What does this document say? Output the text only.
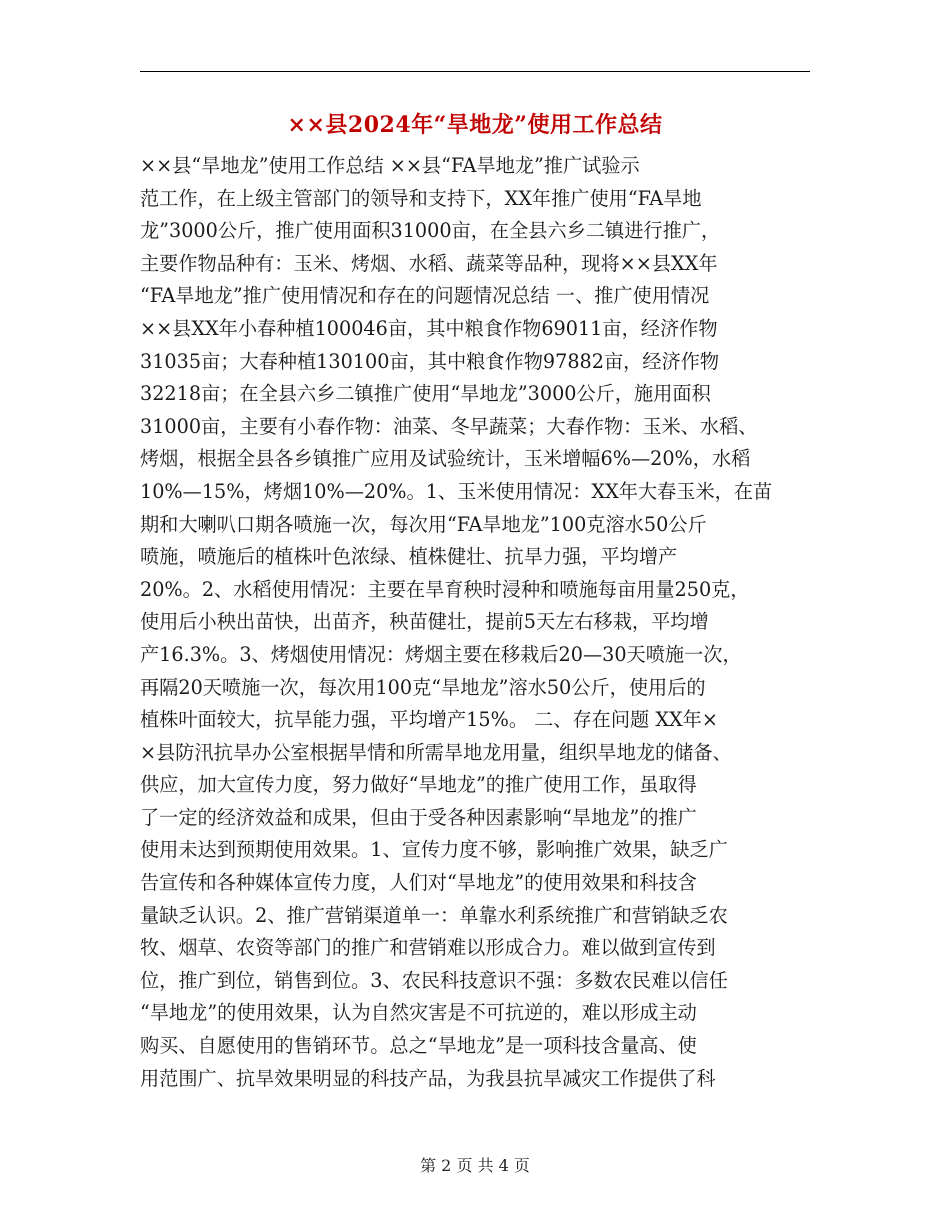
××县2024年“旱地龙”使用工作总结
××县“旱地龙”使用工作总结 ××县“FA旱地龙”推广试验示
范工作，在上级主管部门的领导和支持下，XX年推广使用“FA旱地
龙”3000公斤，推广使用面积31000亩，在全县六乡二镇进行推广，
主要作物品种有：玉米、烤烟、水稻、蔬菜等品种，现将××县XX年
“FA旱地龙”推广使用情况和存在的问题情况总结 一、推广使用情况
××县XX年小春种植100046亩，其中粮食作物69011亩，经济作物
31035亩；大春种植130100亩，其中粮食作物97882亩，经济作物
32218亩；在全县六乡二镇推广使用“旱地龙”3000公斤，施用面积
31000亩，主要有小春作物：油菜、冬早蔬菜；大春作物：玉米、水稻、
烤烟，根据全县各乡镇推广应用及试验统计，玉米增幅6%—20%，水稻
10%—15%，烤烟10%—20%。1、玉米使用情况：XX年大春玉米，在苗
期和大喇叭口期各喷施一次，每次用“FA旱地龙”100克溶水50公斤
喷施，喷施后的植株叶色浓绿、植株健壮、抗旱力强，平均增产
20%。2、水稻使用情况：主要在旱育秧时浸种和喷施每亩用量250克，
使用后小秧出苗快，出苗齐，秧苗健壮，提前5天左右移栽，平均增
产16.3%。3、烤烟使用情况：烤烟主要在移栽后20—30天喷施一次，
再隔20天喷施一次，每次用100克“旱地龙”溶水50公斤，使用后的
植株叶面较大，抗旱能力强，平均增产15%。 二、存在问题 XX年×
×县防汛抗旱办公室根据旱情和所需旱地龙用量，组织旱地龙的储备、
供应，加大宣传力度，努力做好“旱地龙”的推广使用工作，虽取得
了一定的经济效益和成果，但由于受各种因素影响“旱地龙”的推广
使用未达到预期使用效果。1、宣传力度不够，影响推广效果，缺乏广
告宣传和各种媒体宣传力度，人们对“旱地龙”的使用效果和科技含
量缺乏认识。2、推广营销渠道单一：单靠水利系统推广和营销缺乏农
牧、烟草、农资等部门的推广和营销难以形成合力。难以做到宣传到
位，推广到位，销售到位。3、农民科技意识不强：多数农民难以信任
“旱地龙”的使用效果，认为自然灾害是不可抗逆的，难以形成主动
购买、自愿使用的售销环节。总之“旱地龙”是一项科技含量高、使
用范围广、抗旱效果明显的科技产品，为我县抗旱减灾工作提供了科
第 2 页 共 4 页
